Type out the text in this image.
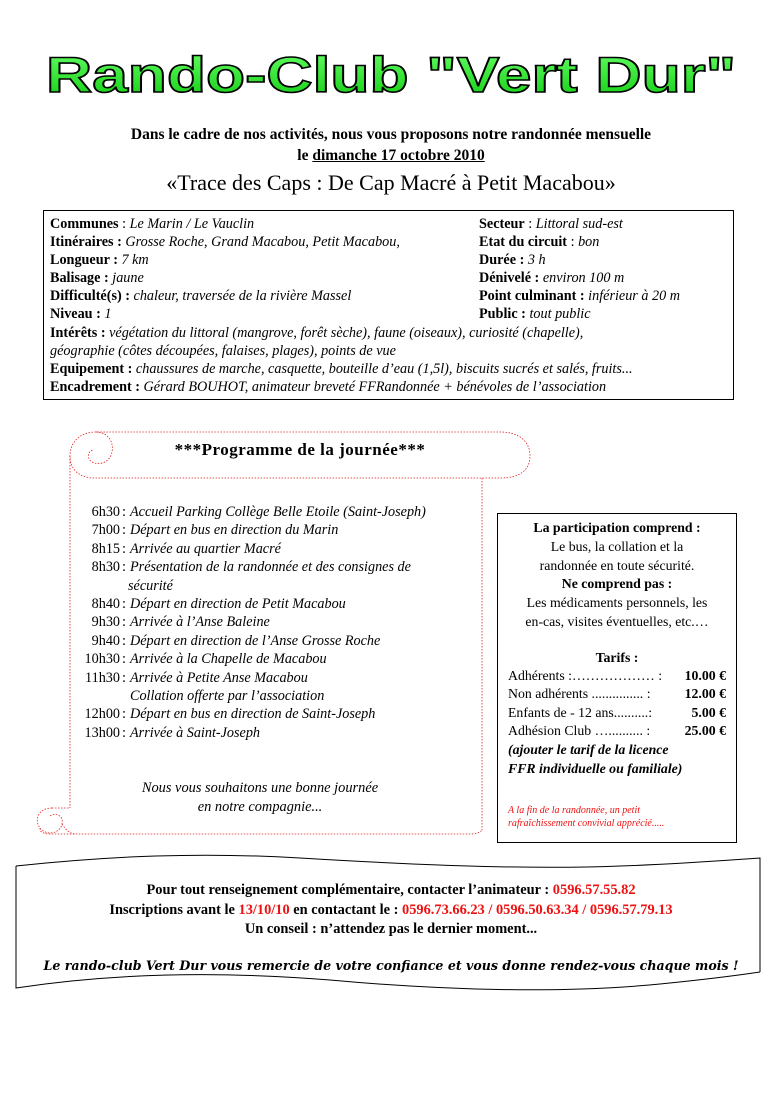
Rando-Club "Vert Dur"
Dans le cadre de nos activités, nous vous proposons notre randonnée mensuelle
le dimanche 17 octobre 2010
«Trace des Caps : De Cap Macré à Petit Macabou»
Communes : Le Marin / Le Vauclin	Secteur : Littoral sud-est
Itinéraires : Grosse Roche, Grand Macabou, Petit Macabou,	Etat du circuit : bon
Longueur : 7 km	Durée : 3 h
Balisage : jaune	Dénivelé : environ 100 m
Difficulté(s) : chaleur, traversée de la rivière Massel	Point culminant : inférieur à 20 m
Niveau : 1	Public : tout public
Intérêts : végétation du littoral (mangrove, forêt sèche), faune (oiseaux), curiosité (chapelle),
géographie (côtes découpées, falaises, plages), points de vue
Equipement : chaussures de marche, casquette, bouteille d’eau (1,5l), biscuits sucrés et salés, fruits...
Encadrement : Gérard BOUHOT, animateur breveté FFRandonnée + bénévoles de l’association
***Programme de la journée***
6h30 : Accueil Parking Collège Belle Etoile (Saint-Joseph)
7h00 : Départ en bus en direction du Marin
8h15 : Arrivée au quartier Macré
8h30 : Présentation de la randonnée et des consignes de
sécurité
8h40 : Départ en direction de Petit Macabou
9h30 : Arrivée à l’Anse Baleine
9h40 : Départ en direction de l’Anse Grosse Roche
10h30 : Arrivée à la Chapelle de Macabou
11h30 : Arrivée à Petite Anse Macabou
Collation offerte par l’association
12h00 : Départ en bus en direction de Saint-Joseph
13h00 : Arrivée à Saint-Joseph
Nous vous souhaitons une bonne journée
en notre compagnie...
La participation comprend :
Le bus, la collation et la
randonnée en toute sécurité.
Ne comprend pas :
Les médicaments personnels, les
en-cas, visites éventuelles, etc.…
Tarifs :
Adhérents :……………… : 10.00 €
Non adhérents ............... : 12.00 €
Enfants de - 12 ans..........:	5.00 €
Adhésion Club ….......... : 25.00 €
(ajouter le tarif de la licence
FFR individuelle ou familiale)
A la fin de la randonnée, un petit
rafraîchissement convivial apprécié.....
Pour tout renseignement complémentaire, contacter l’animateur : 0596.57.55.82
Inscriptions avant le 13/10/10 en contactant le : 0596.73.66.23 / 0596.50.63.34 / 0596.57.79.13
Un conseil : n’attendez pas le dernier moment...
Le rando-club Vert Dur vous remercie de votre confiance et vous donne rendez-vous chaque mois !
